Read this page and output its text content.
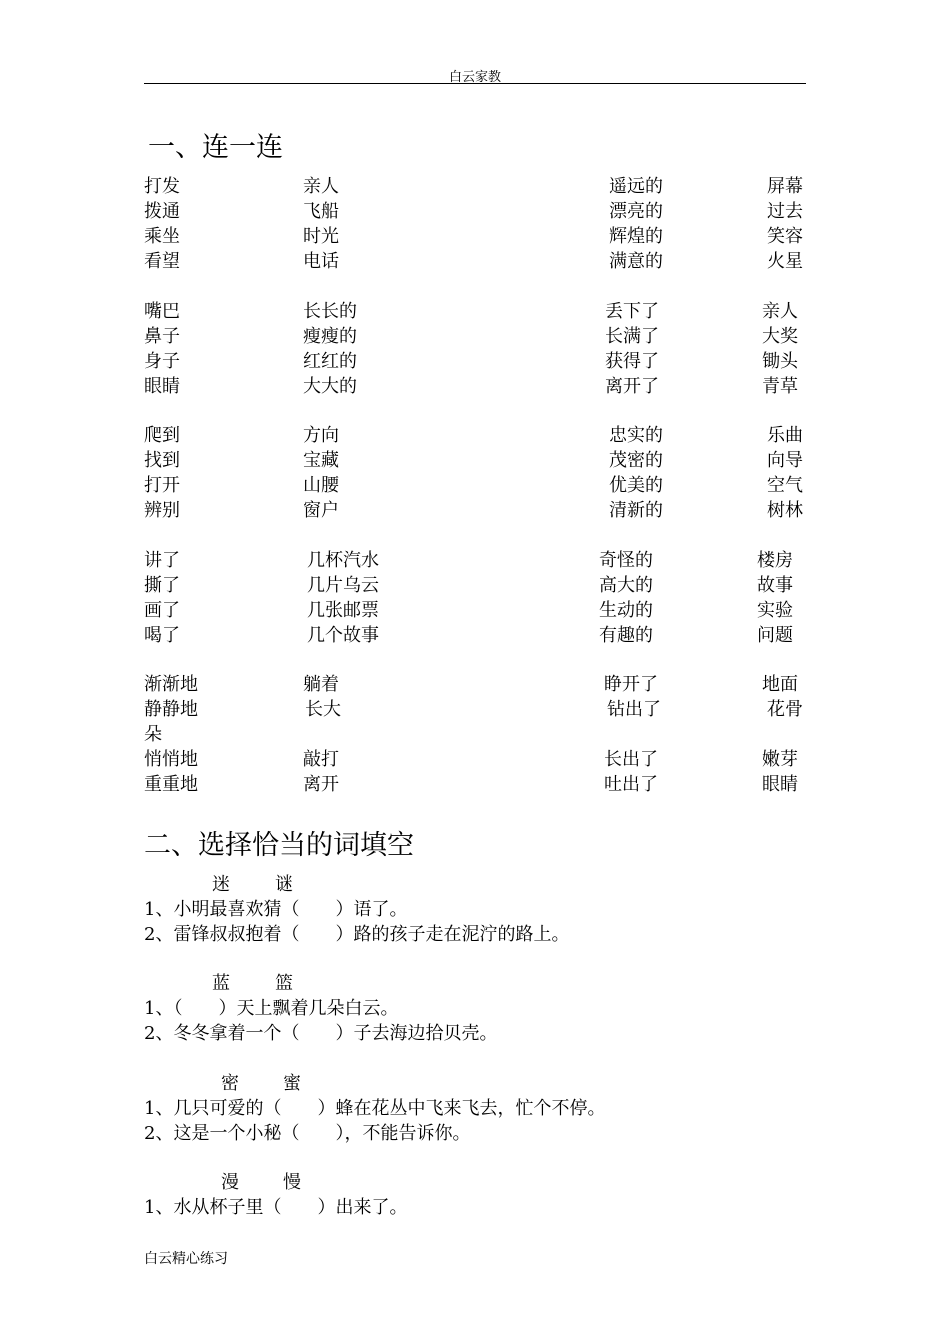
白云家教
一、连一连
打发	亲人	遥远的	屏幕
拨通	飞船	漂亮的	过去
乘坐	时光	辉煌的	笑容
看望	电话	满意的	火星
嘴巴	长长的	丢下了	亲人
鼻子	瘦瘦的	长满了	大奖
身子	红红的	获得了	锄头
眼睛	大大的	离开了	青草
爬到	方向	忠实的	乐曲
找到	宝藏	茂密的	向导
打开	山腰	优美的	空气
辨别	窗户	清新的	树林
讲了	几杯汽水	奇怪的	楼房
撕了	几片乌云	高大的	故事
画了	几张邮票	生动的	实验
喝了	几个故事	有趣的	问题
渐渐地	躺着	睁开了	地面
静静地	长大	钻出了	花骨
朵
悄悄地	敲打	长出了	嫩芽
重重地	离开	吐出了	眼睛
二、选择恰当的词填空
迷	谜
1、小明最喜欢猜（　　）语了。
2、雷锋叔叔抱着（　　）路的孩子走在泥泞的路上。
蓝	篮
1、（　　）天上飘着几朵白云。
2、冬冬拿着一个（　　）子去海边拾贝壳。
密 蜜
1、几只可爱的（　　）蜂在花丛中飞来飞去，忙个不停。
2、这是一个小秘（　　），不能告诉你。
漫 慢
1、水从杯子里（　　）出来了。
白云精心练习
